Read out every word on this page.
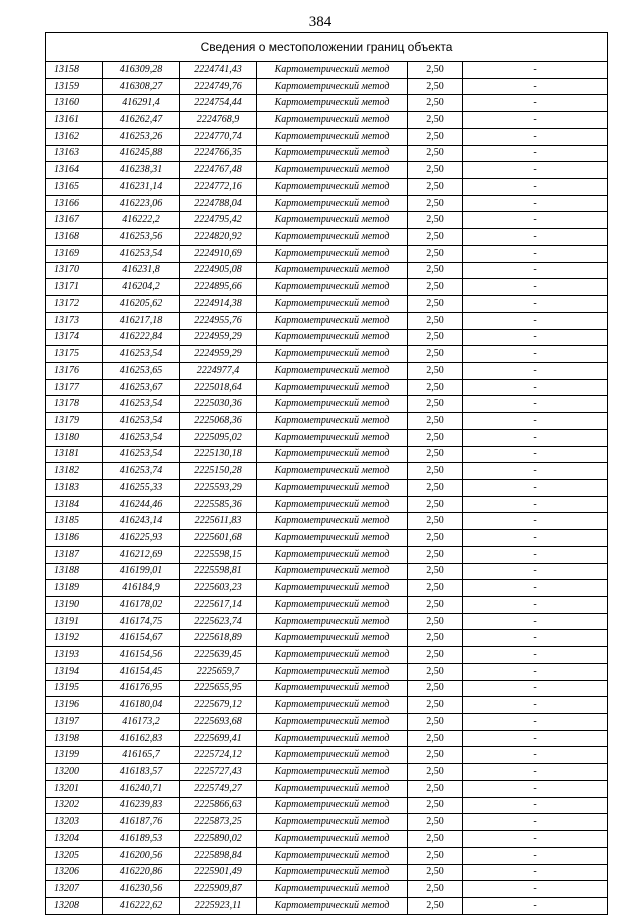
384
Сведения о местоположении границ объекта
13158	416309,28	2224741,43	Картометрический метод	2,50	-
13159	416308,27	2224749,76	Картометрический метод	2,50	-
13160	416291,4	2224754,44	Картометрический метод	2,50	-
13161	416262,47	2224768,9	Картометрический метод	2,50	-
13162	416253,26	2224770,74	Картометрический метод	2,50	-
13163	416245,88	2224766,35	Картометрический метод	2,50	-
13164	416238,31	2224767,48	Картометрический метод	2,50	-
13165	416231,14	2224772,16	Картометрический метод	2,50	-
13166	416223,06	2224788,04	Картометрический метод	2,50	-
13167	416222,2	2224795,42	Картометрический метод	2,50	-
13168	416253,56	2224820,92	Картометрический метод	2,50	-
13169	416253,54	2224910,69	Картометрический метод	2,50	-
13170	416231,8	2224905,08	Картометрический метод	2,50	-
13171	416204,2	2224895,66	Картометрический метод	2,50	-
13172	416205,62	2224914,38	Картометрический метод	2,50	-
13173	416217,18	2224955,76	Картометрический метод	2,50	-
13174	416222,84	2224959,29	Картометрический метод	2,50	-
13175	416253,54	2224959,29	Картометрический метод	2,50	-
13176	416253,65	2224977,4	Картометрический метод	2,50	-
13177	416253,67	2225018,64	Картометрический метод	2,50	-
13178	416253,54	2225030,36	Картометрический метод	2,50	-
13179	416253,54	2225068,36	Картометрический метод	2,50	-
13180	416253,54	2225095,02	Картометрический метод	2,50	-
13181	416253,54	2225130,18	Картометрический метод	2,50	-
13182	416253,74	2225150,28	Картометрический метод	2,50	-
13183	416255,33	2225593,29	Картометрический метод	2,50	-
13184	416244,46	2225585,36	Картометрический метод	2,50	-
13185	416243,14	2225611,83	Картометрический метод	2,50	-
13186	416225,93	2225601,68	Картометрический метод	2,50	-
13187	416212,69	2225598,15	Картометрический метод	2,50	-
13188	416199,01	2225598,81	Картометрический метод	2,50	-
13189	416184,9	2225603,23	Картометрический метод	2,50	-
13190	416178,02	2225617,14	Картометрический метод	2,50	-
13191	416174,75	2225623,74	Картометрический метод	2,50	-
13192	416154,67	2225618,89	Картометрический метод	2,50	-
13193	416154,56	2225639,45	Картометрический метод	2,50	-
13194	416154,45	2225659,7	Картометрический метод	2,50	-
13195	416176,95	2225655,95	Картометрический метод	2,50	-
13196	416180,04	2225679,12	Картометрический метод	2,50	-
13197	416173,2	2225693,68	Картометрический метод	2,50	-
13198	416162,83	2225699,41	Картометрический метод	2,50	-
13199	416165,7	2225724,12	Картометрический метод	2,50	-
13200	416183,57	2225727,43	Картометрический метод	2,50	-
13201	416240,71	2225749,27	Картометрический метод	2,50	-
13202	416239,83	2225866,63	Картометрический метод	2,50	-
13203	416187,76	2225873,25	Картометрический метод	2,50	-
13204	416189,53	2225890,02	Картометрический метод	2,50	-
13205	416200,56	2225898,84	Картометрический метод	2,50	-
13206	416220,86	2225901,49	Картометрический метод	2,50	-
13207	416230,56	2225909,87	Картометрический метод	2,50	-
13208	416222,62	2225923,11	Картометрический метод	2,50	-
